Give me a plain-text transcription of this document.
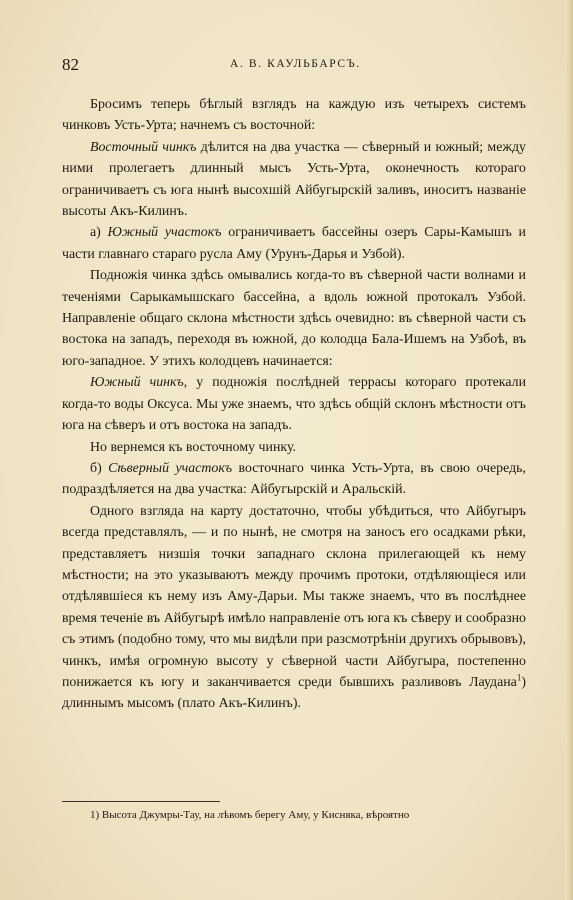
82	А. В. КАУЛЬБАРСЪ.

Бросимъ теперь бѣглый взглядъ на каждую изъ четырехъ системъ чинковъ Усть-Урта; начнемъ съ восточной:

Восточный чинкъ дѣлится на два участка — сѣверный и южный; между ними пролегаетъ длинный мысъ Усть-Урта, оконечность котораго ограничиваетъ съ юга нынѣ высохшій Айбугырскій заливъ, иноситъ названіе высоты Акъ-Килинъ.

а) Южный участокъ ограничиваетъ бассейны озеръ Сары-Камышъ и части главнаго стараго русла Аму (Урунъ-Дарья и Узбой).

Подножія чинка здѣсь омывались когда-то въ сѣверной части волнами и теченіями Сарыкамышскаго бассейна, а вдоль южной протокалъ Узбой. Направленіе общаго склона мѣстности здѣсь очевидно: въ сѣверной части съ востока на западъ, переходя въ южной, до колодца Бала-Ишемъ на Узбоѣ, въ юго-западное. У этихъ колодцевъ начинается:

Южный чинкъ, у подножія послѣдней террасы котораго протекали когда-то воды Оксуса. Мы уже знаемъ, что здѣсь общій склонъ мѣстности отъ юга на сѣверъ и отъ востока на западъ.

Но вернемся къ восточному чинку.

б) Сѣверный участокъ восточнаго чинка Усть-Урта, въ свою очередь, подраздѣляется на два участка: Айбугырскій и Аральскій.

Одного взгляда на карту достаточно, чтобы убѣдиться, что Айбугыръ всегда представлялъ, — и по нынѣ, не смотря на заносъ его осадками рѣки, представляетъ низшія точки западнаго склона прилегающей къ нему мѣстности; на это указываютъ между прочимъ протоки, отдѣляющіеся или отдѣлявшіеся къ нему изъ Аму-Дарьи. Мы также знаемъ, что въ послѣднее время теченіе въ Айбугырѣ имѣло направленіе отъ юга къ сѣверу и сообразно съ этимъ (подобно тому, что мы видѣли при разсмотрѣніи другихъ обрывовъ), чинкъ, имѣя огромную высоту у сѣверной части Айбугыра, постепенно понижается къ югу и заканчивается среди бывшихъ разливовъ Лаудана$^1$) длиннымъ мысомъ (плато Акъ-Килинъ).

1) Высота Джумры-Тау, на лѣвомъ берегу Аму, у Кисняка, вѣроятно
